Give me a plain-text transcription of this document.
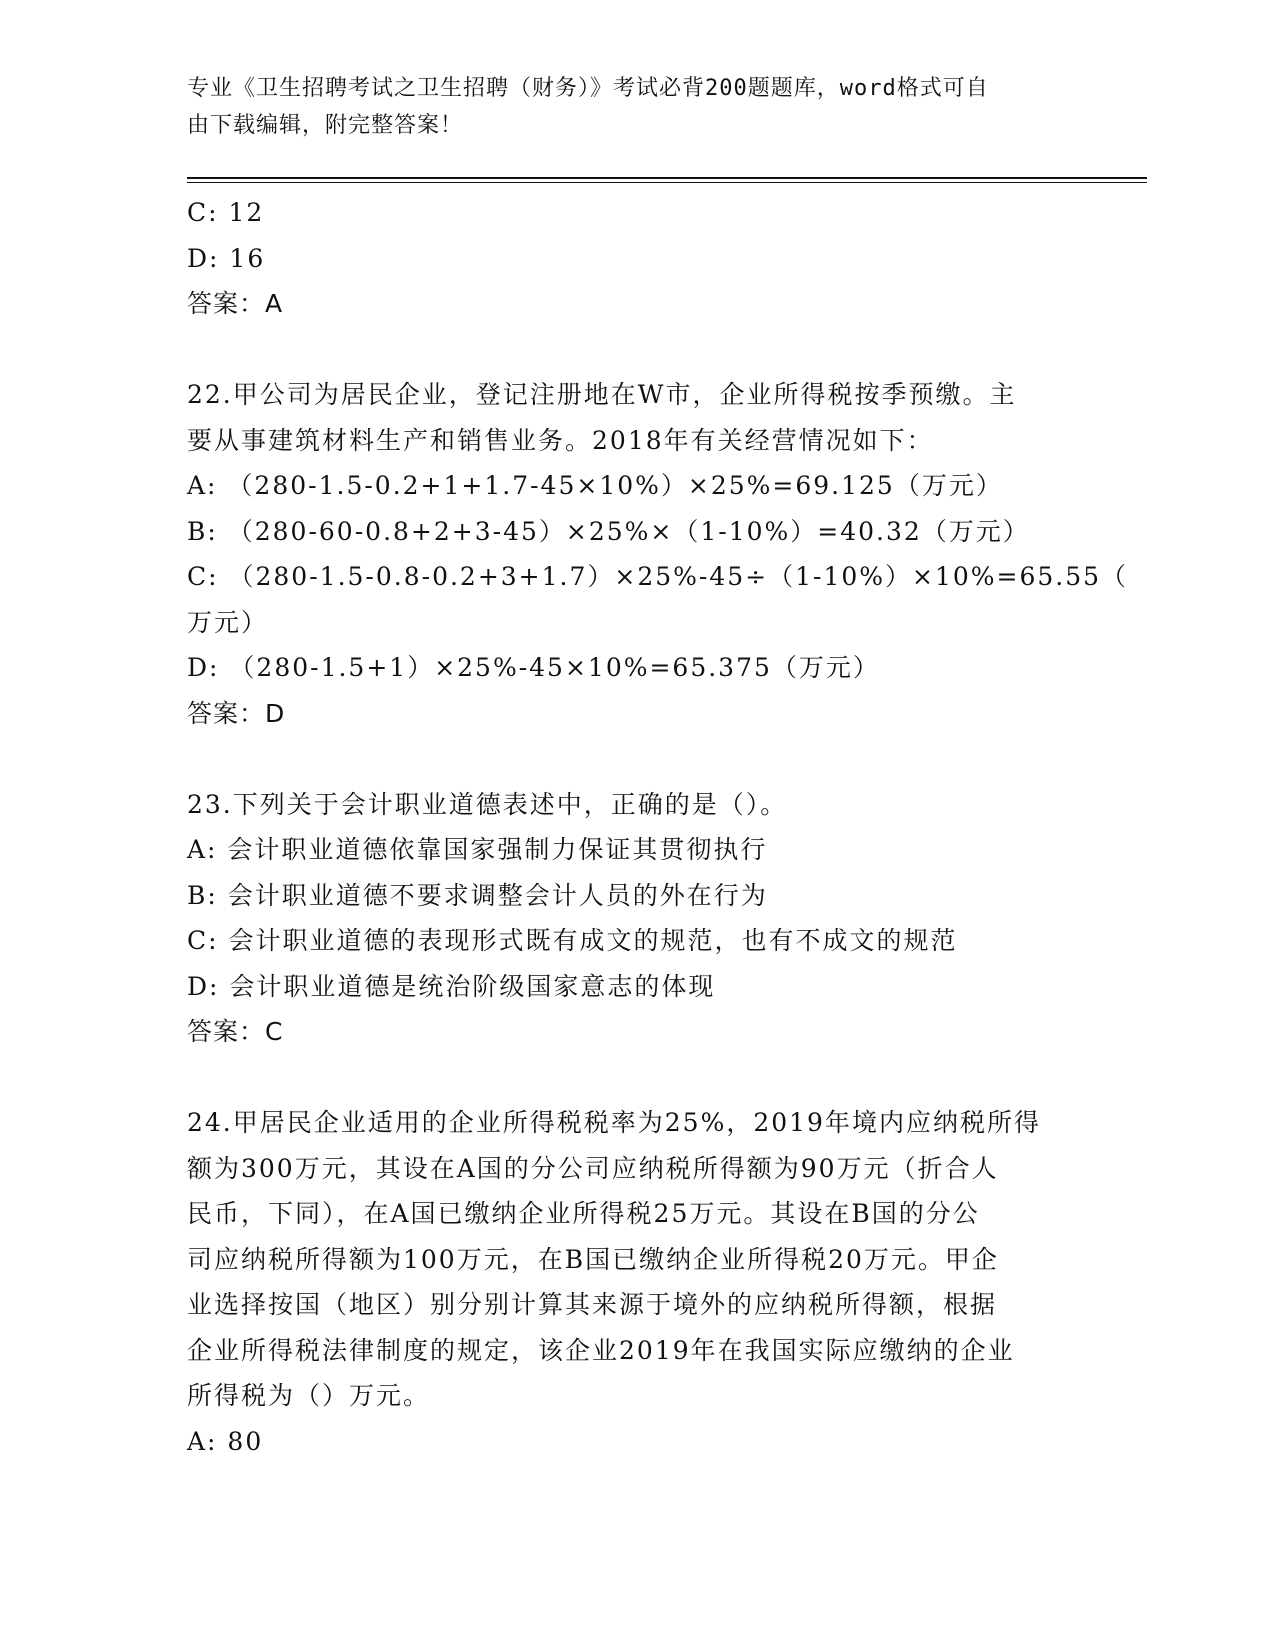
专业《卫生招聘考试之卫生招聘（财务）》考试必背200题题库，word格式可自
由下载编辑，附完整答案！
C: 12
D: 16
答案：A
22.甲公司为居民企业，登记注册地在W市，企业所得税按季预缴。主
要从事建筑材料生产和销售业务。2018年有关经营情况如下：
A: （280-1.5-0.2+1+1.7-45×10%）×25%=69.125（万元）
B: （280-60-0.8+2+3-45）×25%×（1-10%）=40.32（万元）
C: （280-1.5-0.8-0.2+3+1.7）×25%-45÷（1-10%）×10%=65.55（
万元）
D: （280-1.5+1）×25%-45×10%=65.375（万元）
答案：D
23.下列关于会计职业道德表述中，正确的是（）。
A: 会计职业道德依靠国家强制力保证其贯彻执行
B: 会计职业道德不要求调整会计人员的外在行为
C: 会计职业道德的表现形式既有成文的规范，也有不成文的规范
D: 会计职业道德是统治阶级国家意志的体现
答案：C
24.甲居民企业适用的企业所得税税率为25%，2019年境内应纳税所得
额为300万元，其设在A国的分公司应纳税所得额为90万元（折合人
民币，下同），在A国已缴纳企业所得税25万元。其设在B国的分公
司应纳税所得额为100万元，在B国已缴纳企业所得税20万元。甲企
业选择按国（地区）别分别计算其来源于境外的应纳税所得额，根据
企业所得税法律制度的规定，该企业2019年在我国实际应缴纳的企业
所得税为（）万元。
A: 80
